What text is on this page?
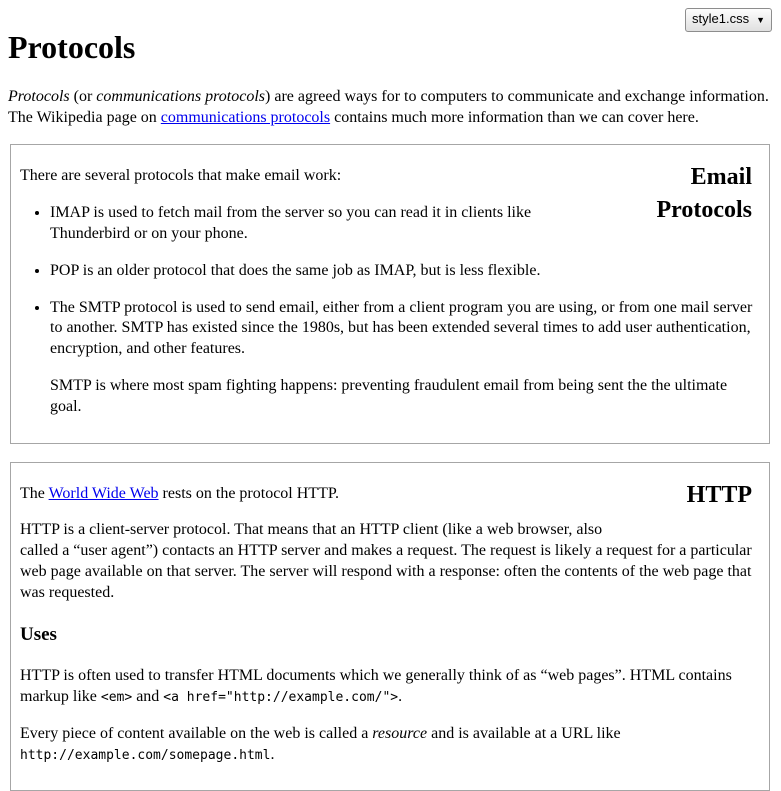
style1.css ▼
Protocols

Protocols (or communications protocols) are agreed ways for to computers to communicate and exchange information. The Wikipedia page on communications protocols contains much more information than we can cover here.

Email Protocols

There are several protocols that make email work:

• IMAP is used to fetch mail from the server so you can read it in clients like Thunderbird or on your phone.

• POP is an older protocol that does the same job as IMAP, but is less flexible.

• The SMTP protocol is used to send email, either from a client program you are using, or from one mail server to another. SMTP has existed since the 1980s, but has been extended several times to add user authentication, encryption, and other features.

SMTP is where most spam fighting happens: preventing fraudulent email from being sent the the ultimate goal.

HTTP

The World Wide Web rests on the protocol HTTP.

HTTP is a client-server protocol. That means that an HTTP client (like a web browser, also
called a “user agent”) contacts an HTTP server and makes a request. The request is likely a request for a particular web page available on that server. The server will respond with a response: often the contents of the web page that was requested.

Uses

HTTP is often used to transfer HTML documents which we generally think of as “web pages”. HTML contains markup like <em> and <a href="http://example.com/">.

Every piece of content available on the web is called a resource and is available at a URL like http://example.com/somepage.html.
